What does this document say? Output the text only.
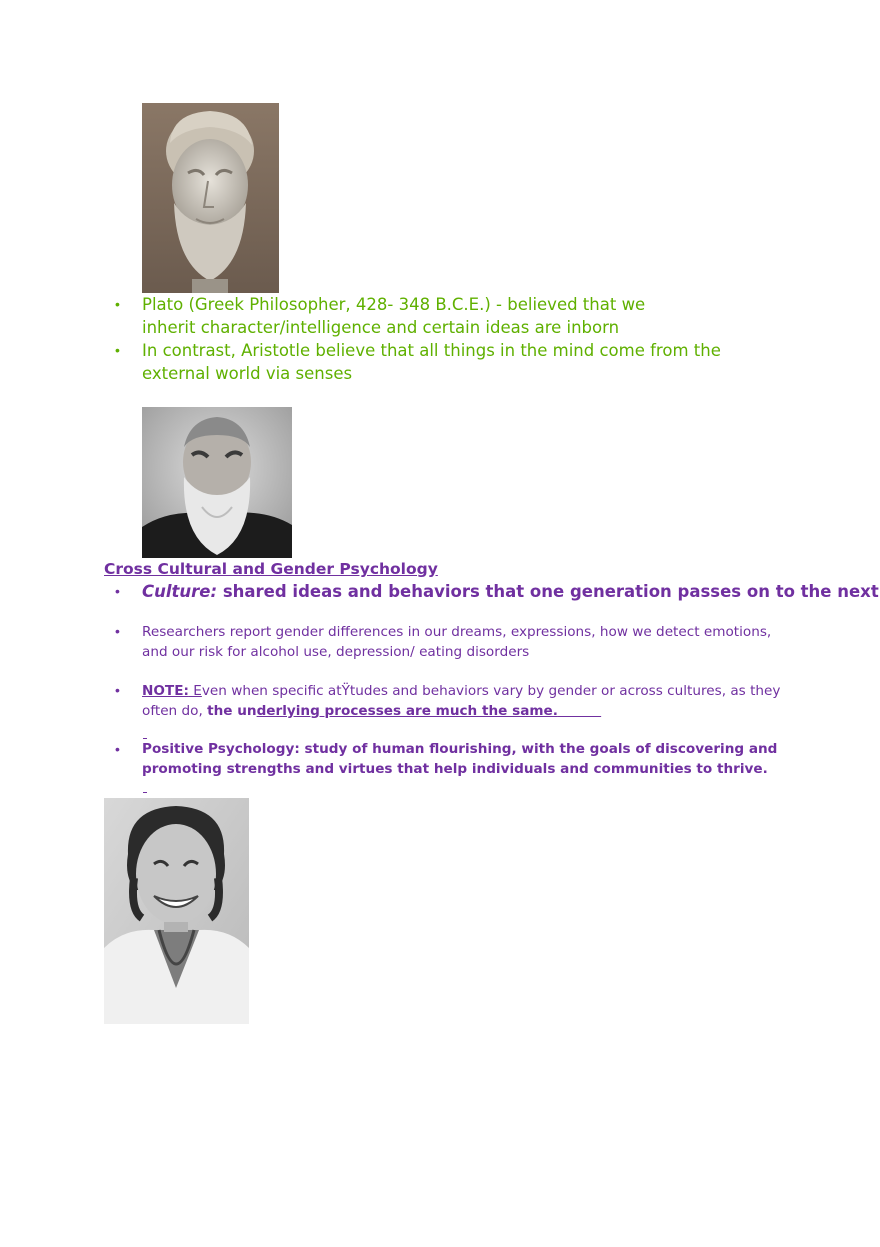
• Plato (Greek Philosopher, 428- 348 B.C.E.) - believed that we inherit character/intelligence and certain ideas are inborn
• In contrast, Aristotle believe that all things in the mind come from the external world via senses
Cross Cultural and Gender Psychology
• Culture: shared ideas and behaviors that one generation passes on to the next
• Researchers report gender differences in our dreams, expressions, how we detect emotions, and our risk for alcohol use, depression/ eating disorders
• NOTE: Even when specific atŸtudes and behaviors vary by gender or across cultures, as they often do, the underlying processes are much the same.
• Positive Psychology: study of human flourishing, with the goals of discovering and promoting strengths and virtues that help individuals and communities to thrive.
